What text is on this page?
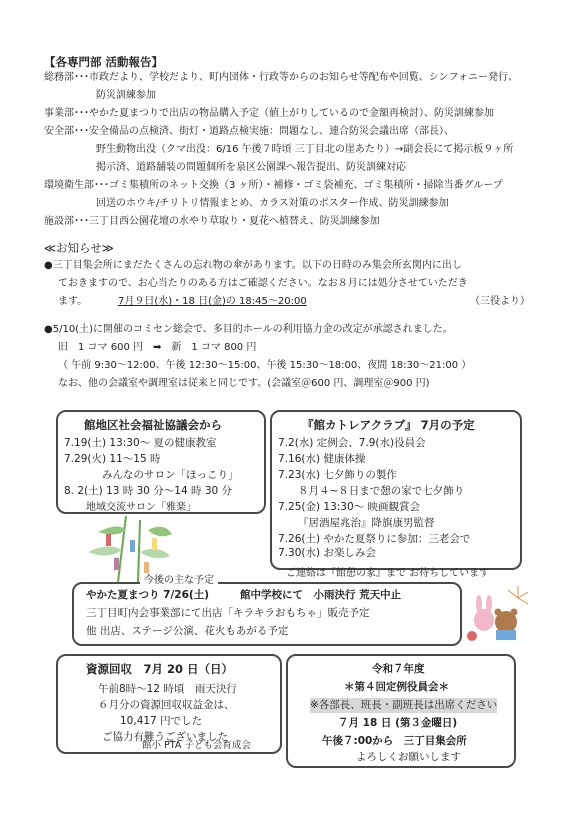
【各専門部 活動報告】
総務部･･･市政だより、学校だより、町内団体・行政等からのお知らせ等配布や回覧、シンフォニー発行、
防災訓練参加
事業部･･･やかた夏まつりで出店の物品購入予定（値上がりしているので金額再検討）、防災訓練参加
安全部･･･安全備品の点検済、街灯・道路点検実施：問題なし、連合防災会議出席（部長）、
野生動物出没（クマ出没：6/16 午後７時頃 三丁目北の崖あたり）→副会長にて掲示板９ヶ所
掲示済、道路舗装の問題個所を泉区公園課へ報告提出、防災訓練対応
環境衛生部･･･ゴミ集積所のネット交換（3 ヶ所）・補修・ゴミ袋補充、ゴミ集積所・掃除当番グループ
回送のホウキ/チリトリ情報まとめ、カラス対策のポスター作成、防災訓練参加
施設部･･･三丁目西公園花壇の水やり草取り・夏花へ植替え、防災訓練参加
≪お知らせ≫
●三丁目集会所にまだたくさんの忘れ物の傘があります。以下の日時のみ集会所玄関内に出し
ておきますので、お心当たりのある方はご確認ください。なお８月には処分させていただき
ます。	7月９日(水)・18 日(金)の 18:45～20:00	（三役より）
●5/10(土)に開催のコミセン総会で、多目的ホールの利用協力金の改定が承認されました。
旧　1 コマ 600 円　➡　新　1 コマ 800 円
（ 午前 9:30～12:00、午後 12:30～15:00、午後 15:30～18:00、夜間 18:30～21:00 ）
なお、他の会議室や調理室は従来と同じです。(会議室＠600 円、調理室＠900 円)
館地区社会福祉協議会から
7.19(土) 13:30～ 夏の健康教室
7.29(火) 11～15 時
みんなのサロン「ほっこり」
8. 2(土) 13 時 30 分～14 時 30 分
地域交流サロン「雅楽」
『館カトレアクラブ』 7月の予定
7.2(水) 定例会、7.9(水)役員会
7.16(水) 健康体操
7.23(水) 七夕飾りの製作
８月４~８日まで憩の家で七夕飾り
7.25(金) 13:30～ 映画観賞会
『居酒屋兆治』降旗康男監督
7.26(土) やかた夏祭りに参加：三老会で
7.30(水) お楽しみ会
ご連絡は『館憩の家』まで お待ちしています
やかた夏まつり 7/26(土)	館中学校にて　小雨決行 荒天中止
三丁目町内会事業部にて出店「キラキラおもちゃ」販売予定
他 出店、ステージ公演、花火もあがる予定
今後の主な予定
資源回収　7月 20 日（日）
午前8時～12 時頃　雨天決行
６月分の資源回収収益金は、
10,417 円でした
ご協力有難うございました
館小 PTA 子ども会育成会
令和７年度
＊第４回定例役員会＊
※各部長、班長・副班長は出席ください
７月 18 日 (第３金曜日)
午後７:00から　三丁目集会所
よろしくお願いします
